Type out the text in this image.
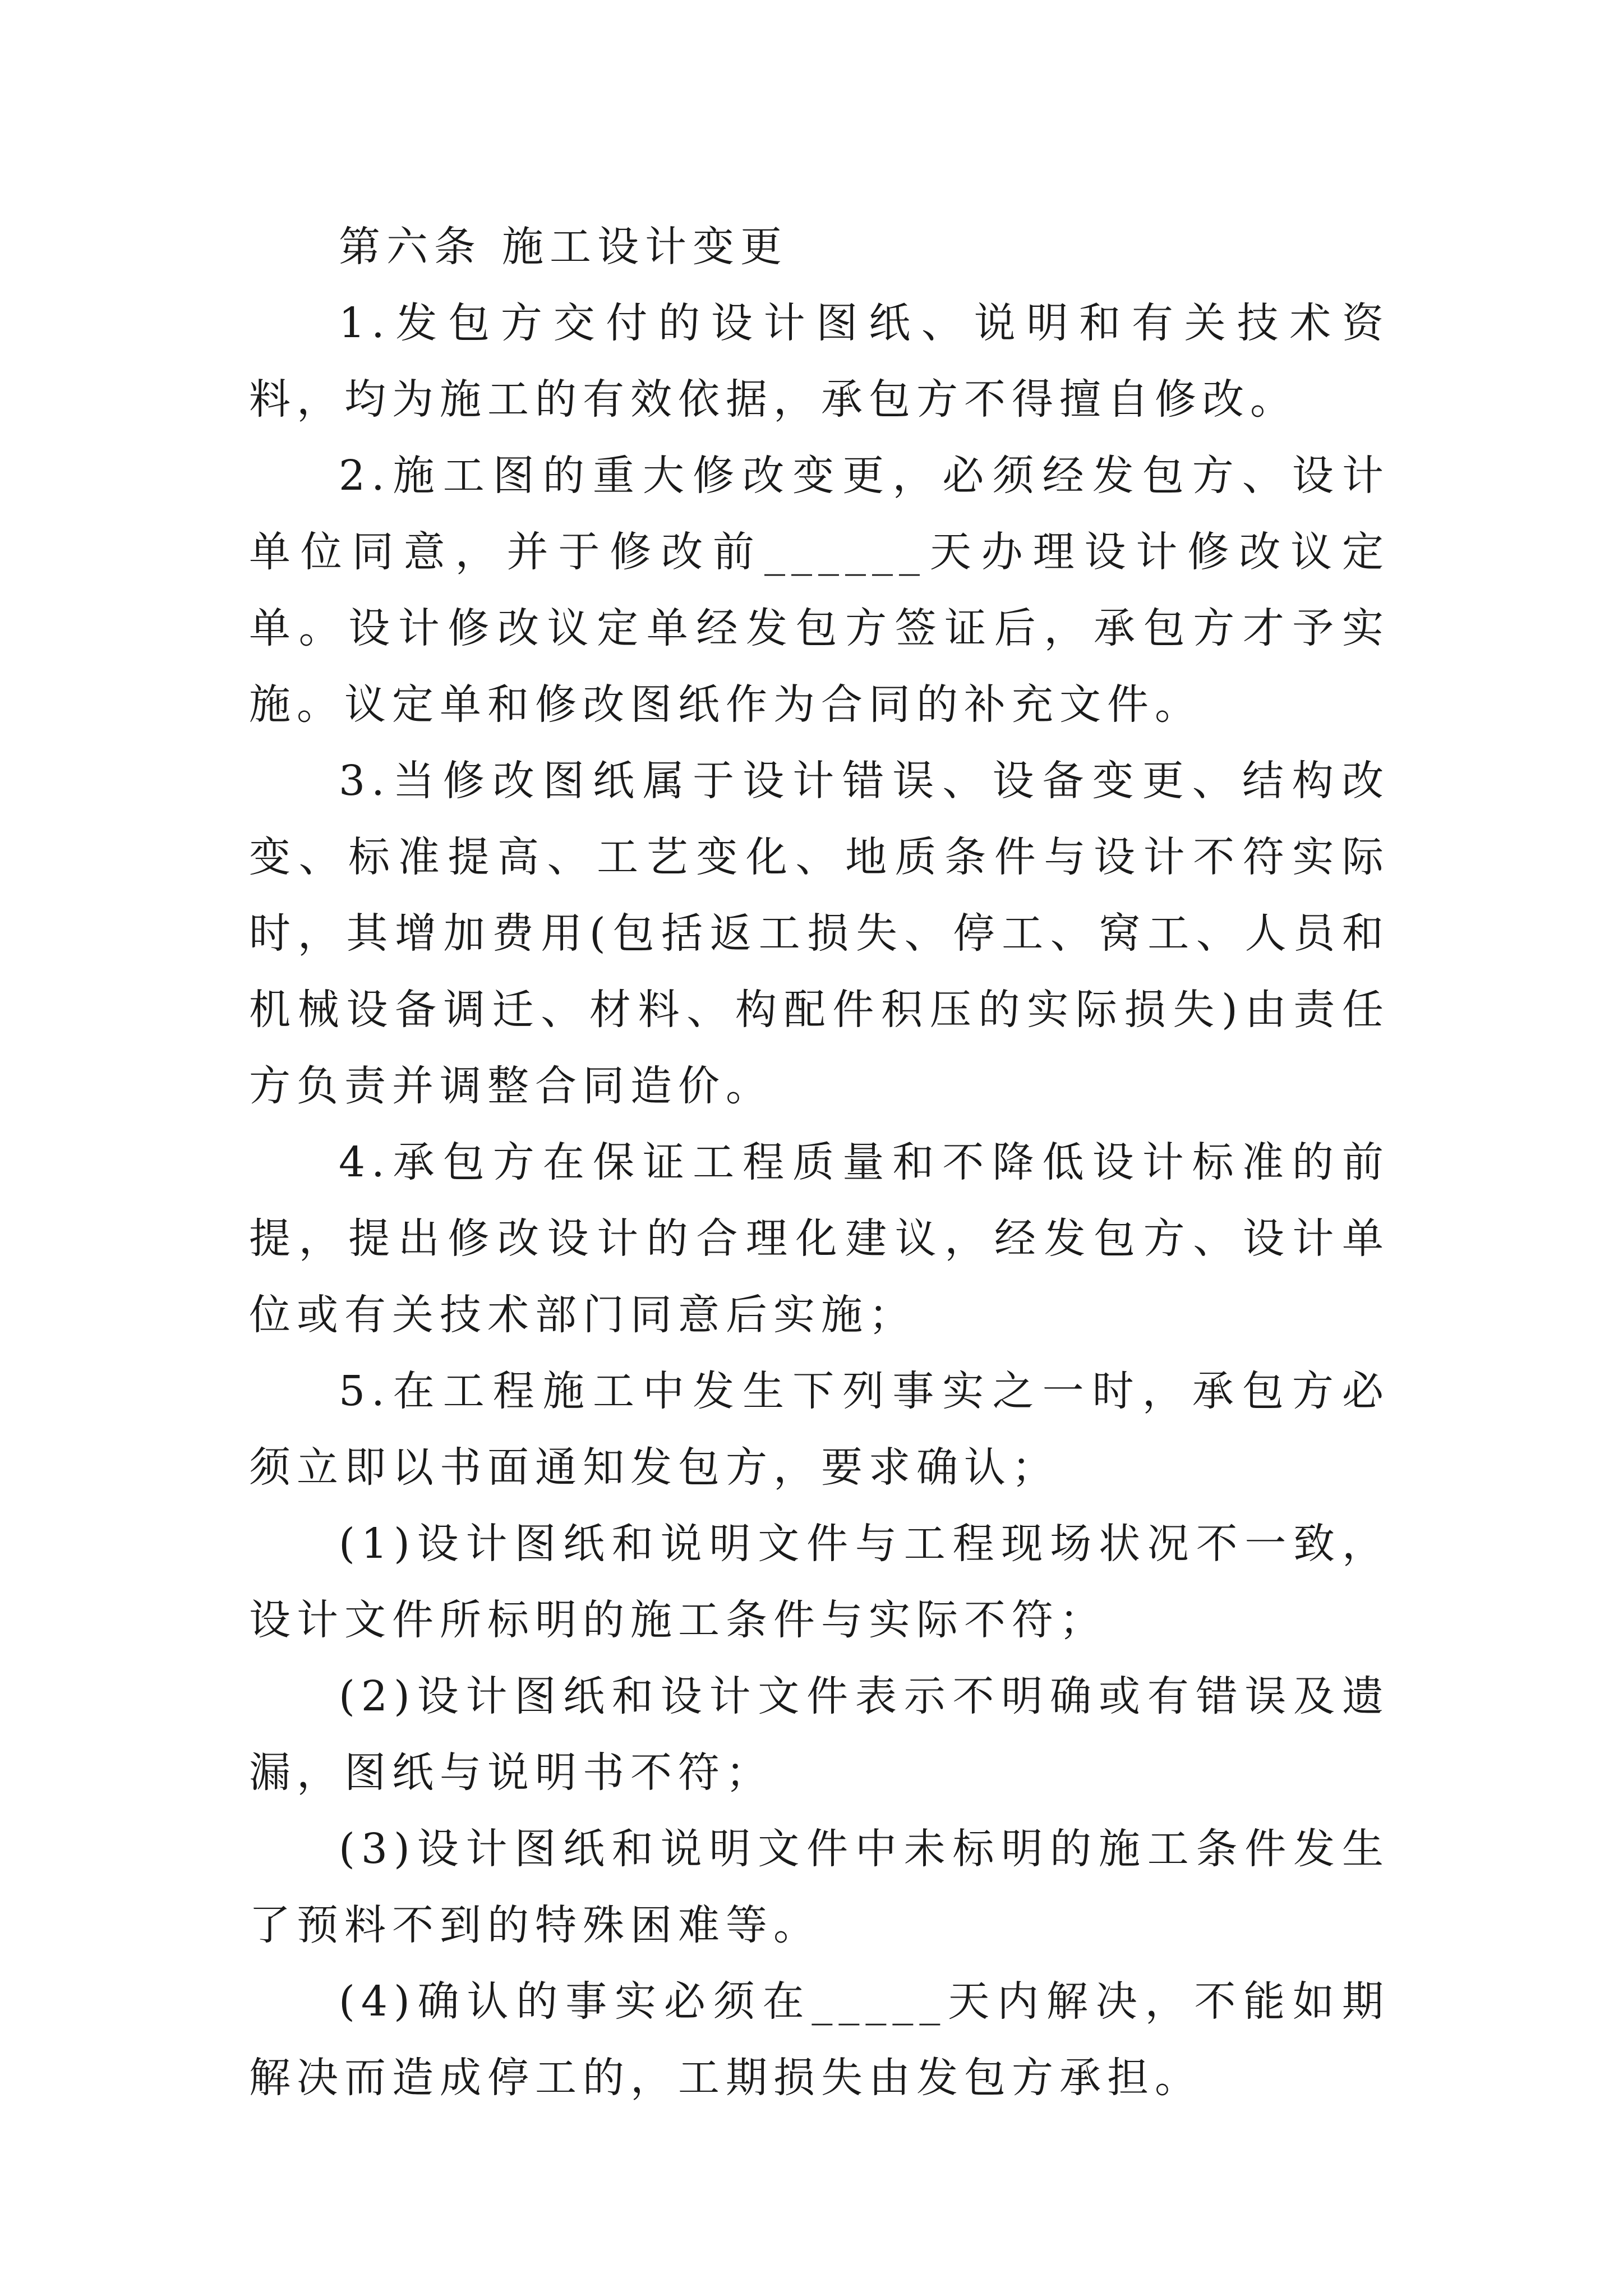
第六条 施工设计变更

1.发包方交付的设计图纸、说明和有关技术资料，均为施工的有效依据，承包方不得擅自修改。

2.施工图的重大修改变更，必须经发包方、设计单位同意，并于修改前______天办理设计修改议定单。设计修改议定单经发包方签证后，承包方才予实施。议定单和修改图纸作为合同的补充文件。

3.当修改图纸属于设计错误、设备变更、结构改变、标准提高、工艺变化、地质条件与设计不符实际时，其增加费用(包括返工损失、停工、窝工、人员和机械设备调迁、材料、构配件积压的实际损失)由责任方负责并调整合同造价。

4.承包方在保证工程质量和不降低设计标准的前提，提出修改设计的合理化建议，经发包方、设计单位或有关技术部门同意后实施；

5.在工程施工中发生下列事实之一时，承包方必须立即以书面通知发包方，要求确认；

(1)设计图纸和说明文件与工程现场状况不一致，设计文件所标明的施工条件与实际不符；

(2)设计图纸和设计文件表示不明确或有错误及遗漏，图纸与说明书不符；

(3)设计图纸和说明文件中未标明的施工条件发生了预料不到的特殊困难等。

(4)确认的事实必须在_____天内解决，不能如期解决而造成停工的，工期损失由发包方承担。
